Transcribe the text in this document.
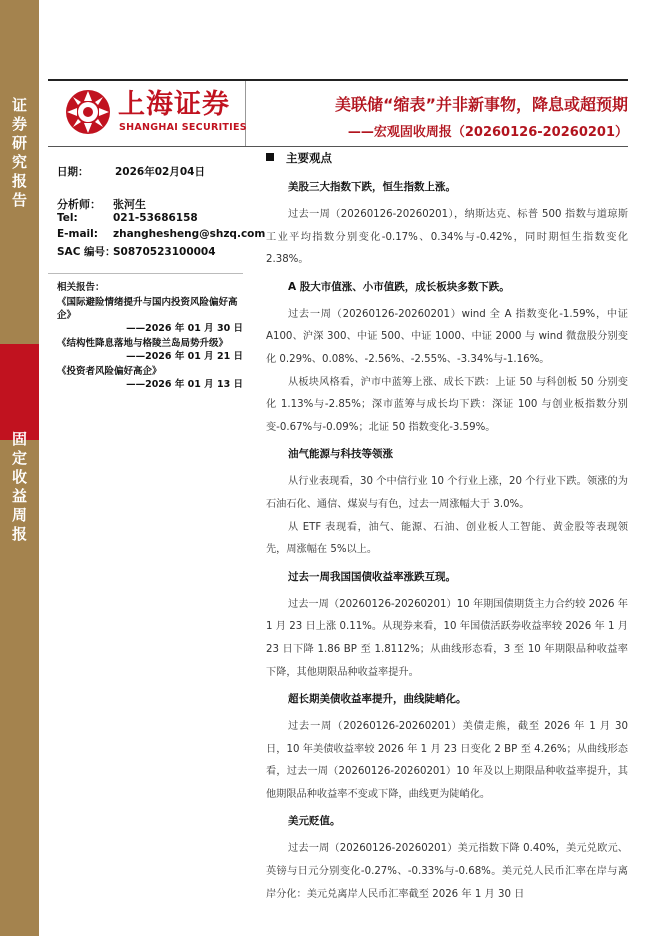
证
券
研
究
报
告
固
定
收
益
周
报
上海证券
SHANGHAI SECURITIES
美联储“缩表”并非新事物，降息或超预期
——宏观固收周报（20260126-20260201）
日期：	2026年02月04日
分析师： 张河生
Tel:	021-53686158
E-mail: zhanghesheng@shzq.com
SAC 编号：S0870523100004
相关报告：
《国际避险情绪提升与国内投资风险偏好高企》
——2026 年 01 月 30 日
《结构性降息落地与格陵兰岛局势升级》
——2026 年 01 月 21 日
《投资者风险偏好高企》
——2026 年 01 月 13 日
主要观点
美股三大指数下跌，恒生指数上涨。
过去一周（20260126-20260201），纳斯达克、标普 500 指数与道琼斯工业平均指数分别变化-0.17%、0.34%与-0.42%，同时期恒生指数变化 2.38%。
A 股大市值涨、小市值跌，成长板块多数下跌。
过去一周（20260126-20260201）wind 全 A 指数变化-1.59%，中证 A100、沪深 300、中证 500、中证 1000、中证 2000 与 wind 微盘股分别变化 0.29%、0.08%、-2.56%、-2.55%、-3.34%与-1.16%。
从板块风格看，沪市中蓝筹上涨、成长下跌：上证 50 与科创板 50 分别变化 1.13%与-2.85%；深市蓝筹与成长均下跌：深证 100 与创业板指数分别变-0.67%与-0.09%；北证 50 指数变化-3.59%。
油气能源与科技等领涨
从行业表现看，30 个中信行业 10 个行业上涨，20 个行业下跌。领涨的为石油石化、通信、煤炭与有色，过去一周涨幅大于 3.0%。
从 ETF 表现看，油气、能源、石油、创业板人工智能、黄金股等表现领先，周涨幅在 5%以上。
过去一周我国国债收益率涨跌互现。
过去一周（20260126-20260201）10 年期国债期货主力合约较 2026 年 1 月 23 日上涨 0.11%。从现券来看，10 年国债活跃券收益率较 2026 年 1 月 23 日下降 1.86 BP 至 1.8112%；从曲线形态看，3 至 10 年期限品种收益率下降，其他期限品种收益率提升。
超长期美债收益率提升，曲线陡峭化。
过去一周（20260126-20260201）美债走熊，截至 2026 年 1 月 30 日，10 年美债收益率较 2026 年 1 月 23 日变化 2 BP 至 4.26%；从曲线形态看，过去一周（20260126-20260201）10 年及以上期限品种收益率提升，其他期限品种收益率不变或下降，曲线更为陡峭化。
美元贬值。
过去一周（20260126-20260201）美元指数下降 0.40%，美元兑欧元、英镑与日元分别变化-0.27%、-0.33%与-0.68%。美元兑人民币汇率在岸与离岸分化：美元兑离岸人民币汇率截至 2026 年 1 月 30 日
